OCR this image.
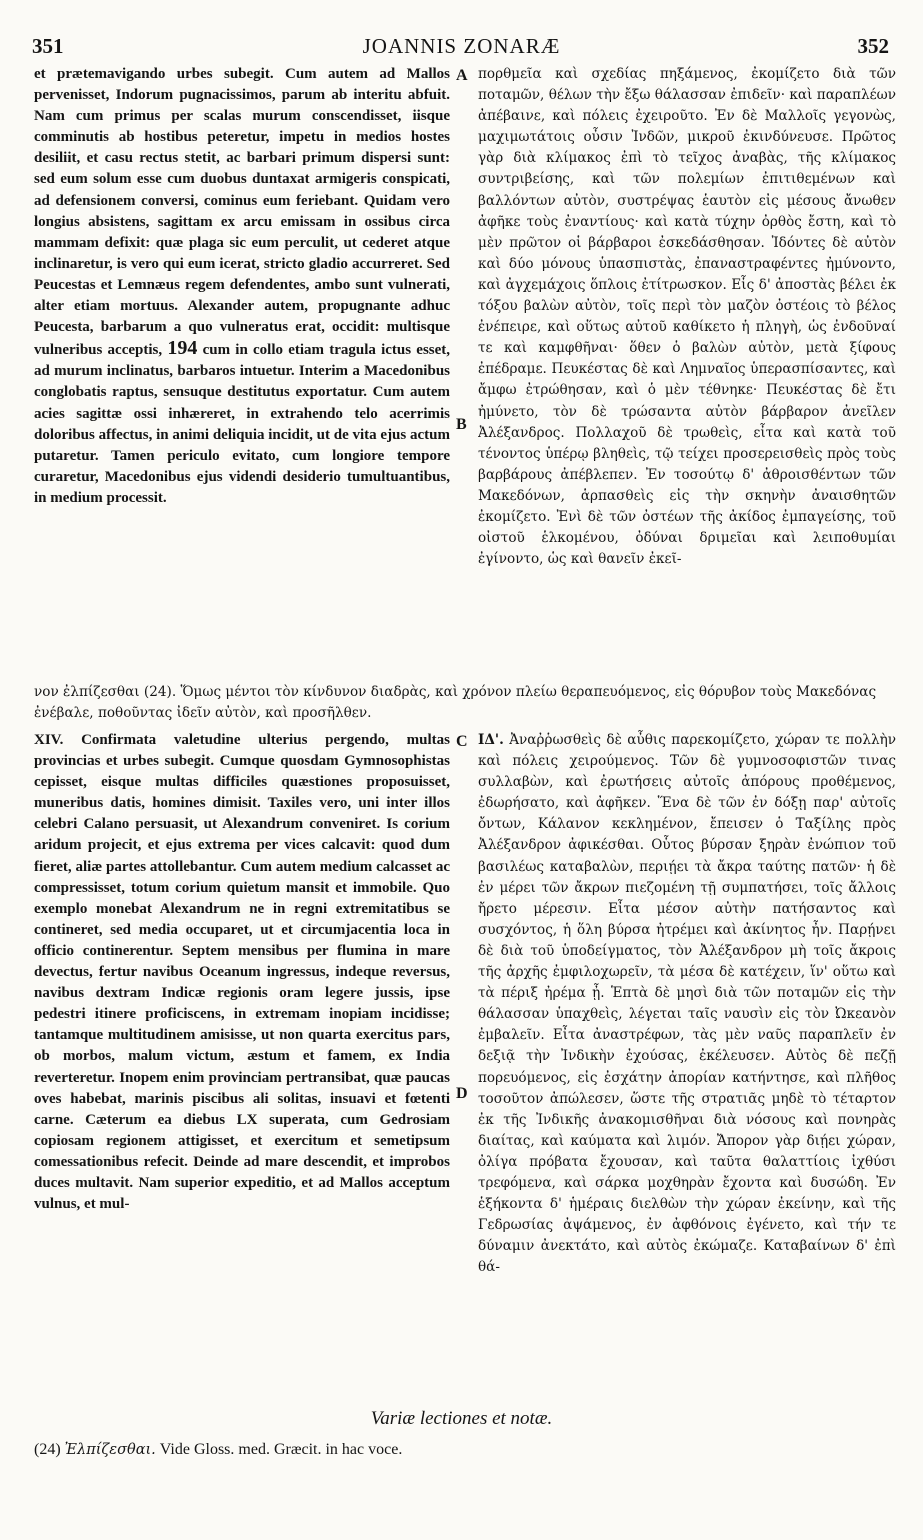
351	JOANNIS ZONARÆ	352

et prætemavigando urbes subegit. Cum autem ad Mallos pervenisset, Indorum pugnacissimos, parum ab interitu abfuit. Nam cum primus per scalas murum conscendisset, iisque comminutis ab hostibus peteretur, impetu in medios hostes desiliit, et casu rectus stetit, ac barbari primum dispersi sunt: sed eum solum esse cum duobus duntaxat armigeris conspicati, ad defensionem conversi, cominus eum feriebant. Quidam vero longius absistens, sagittam ex arcu emissam in ossibus circa mammam defixit: quæ plaga sic eum perculit, ut cederet atque inclinaretur, is vero qui eum icerat, stricto gladio accurreret. Sed Peucestas et Lemnæus regem defendentes, ambo sunt vulnerati, alter etiam mortuus. Alexander autem, propugnante adhuc Peucesta, barbarum a quo vulneratus erat, occidit: multisque vulneribus acceptis, 194 cum in collo etiam tragula ictus esset, ad murum inclinatus, barbaros intuetur. Interim a Macedonibus conglobatis raptus, sensuque destitutus exportatur. Cum autem acies sagittæ ossi inhæreret, in extrahendo telo acerrimis doloribus affectus, in animi deliquia incidit, ut de vita ejus actum putaretur. Tamen periculo evitato, cum longiore tempore curaretur, Macedonibus ejus videndi desiderio tumultuantibus, in medium processit.

πορθμεῖα καὶ σχεδίας πηξάμενος, ἐκομίζετο διὰ τῶν ποταμῶν, θέλων τὴν ἔξω θάλασσαν ἐπιδεῖν· καὶ παραπλέων ἀπέβαινε, καὶ πόλεις ἐχειροῦτο. Ἐν δὲ Μαλλοῖς γεγονὼς, μαχιμωτάτοις οὖσιν Ἰνδῶν, μικροῦ ἐκινδύνευσε. Πρῶτος γὰρ διὰ κλίμακος ἐπὶ τὸ τεῖχος ἀναβὰς, τῆς κλίμακος συντριβείσης, καὶ τῶν πολεμίων ἐπιτιθεμένων καὶ βαλλόντων αὐτὸν, συστρέψας ἑαυτὸν εἰς μέσους ἄνωθεν ἀφῆκε τοὺς ἐναντίους· καὶ κατὰ τύχην ὀρθὸς ἔστη, καὶ τὸ μὲν πρῶτον οἱ βάρβαροι ἐσκεδάσθησαν. Ἰδόντες δὲ αὐτὸν καὶ δύο μόνους ὑπασπιστὰς, ἐπαναστραφέντες ἠμύνοντο, καὶ ἀγχεμάχοις ὅπλοις ἐτίτρωσκον. Εἷς δ' ἀποστὰς βέλει ἐκ τόξου βαλὼν αὐτὸν, τοῖς περὶ τὸν μαζὸν ὀστέοις τὸ βέλος ἐνέπειρε, καὶ οὕτως αὐτοῦ καθίκετο ἡ πληγὴ, ὡς ἐνδοῦναί τε καὶ καμφθῆναι· ὅθεν ὁ βαλὼν αὐτὸν, μετὰ ξίφους ἐπέδραμε. Πευκέστας δὲ καὶ Λημναῖος ὑπερασπίσαντες, καὶ ἄμφω ἐτρώθησαν, καὶ ὁ μὲν τέθνηκε· Πευκέστας δὲ ἔτι ἠμύνετο, τὸν δὲ τρώσαντα αὐτὸν βάρβαρον ἀνεῖλεν Ἀλέξανδρος. Πολλαχοῦ δὲ τρωθεὶς, εἶτα καὶ κατὰ τοῦ τένοντος ὑπέρῳ βληθεὶς, τῷ τείχει προσερεισθεὶς πρὸς τοὺς βαρβάρους ἀπέβλεπεν. Ἐν τοσούτῳ δ' ἀθροισθέντων τῶν Μακεδόνων, ἁρπασθεὶς εἰς τὴν σκηνὴν ἀναισθητῶν ἐκομίζετο. Ἐνὶ δὲ τῶν ὀστέων τῆς ἀκίδος ἐμπαγείσης, τοῦ οἰστοῦ ἑλκομένου, ὀδύναι δριμεῖαι καὶ λειποθυμίαι ἐγίνοντο, ὡς καὶ θανεῖν ἐκεῖ-

A
B

νον ἐλπίζεσθαι (24). Ὅμως μέντοι τὸν κίνδυνον διαδρὰς, καὶ χρόνον πλείω θεραπευόμενος, εἰς θόρυβον τοὺς Μακεδόνας ἐνέβαλε, ποθοῦντας ἰδεῖν αὐτὸν, καὶ προσῆλθεν.

XIV. Confirmata valetudine ulterius pergendo, multas provincias et urbes subegit. Cumque quosdam Gymnosophistas cepisset, eisque multas difficiles quæstiones proposuisset, muneribus datis, homines dimisit. Taxiles vero, uni inter illos celebri Calano persuasit, ut Alexandrum conveniret. Is corium aridum projecit, et ejus extrema per vices calcavit: quod dum fieret, aliæ partes attollebantur. Cum autem medium calcasset ac compressisset, totum corium quietum mansit et immobile. Quo exemplo monebat Alexandrum ne in regni extremitatibus se contineret, sed media occuparet, ut et circumjacentia loca in officio continerentur. Septem mensibus per flumina in mare devectus, fertur navibus Oceanum ingressus, indeque reversus, navibus dextram Indicæ regionis oram legere jussis, ipse pedestri itinere proficiscens, in extremam inopiam incidisse; tantamque multitudinem amisisse, ut non quarta exercitus pars, ob morbos, malum victum, æstum et famem, ex India reverteretur. Inopem enim provinciam pertransibat, quæ paucas oves habebat, marinis piscibus ali solitas, insuavi et fœtenti carne. Cæterum ea diebus LX superata, cum Gedrosiam copiosam regionem attigisset, et exercitum et semetipsum comessationibus refecit. Deinde ad mare descendit, et improbos duces multavit. Nam superior expeditio, et ad Mallos acceptum vulnus, et mul-

ΙΔ'. Ἀναῤῥωσθεὶς δὲ αὖθις παρεκομίζετο, χώραν τε πολλὴν καὶ πόλεις χειρούμενος. Τῶν δὲ γυμνοσοφιστῶν τινας συλλαβὼν, καὶ ἐρωτήσεις αὐτοῖς ἀπόρους προθέμενος, ἐδωρήσατο, καὶ ἀφῆκεν. Ἕνα δὲ τῶν ἐν δόξῃ παρ' αὐτοῖς ὄντων, Κάλανον κεκλημένον, ἔπεισεν ὁ Ταξίλης πρὸς Ἀλέξανδρον ἀφικέσθαι. Οὗτος βύρσαν ξηρὰν ἐνώπιον τοῦ βασιλέως καταβαλὼν, περιῄει τὰ ἄκρα ταύτης πατῶν· ἡ δὲ ἐν μέρει τῶν ἄκρων πιεζομένη τῇ συμπατήσει, τοῖς ἄλλοις ἤρετο μέρεσιν. Εἶτα μέσον αὐτὴν πατήσαντος καὶ συσχόντος, ἡ ὅλη βύρσα ἠτρέμει καὶ ἀκίνητος ἦν. Παρῄνει δὲ διὰ τοῦ ὑποδείγματος, τὸν Ἀλέξανδρον μὴ τοῖς ἄκροις τῆς ἀρχῆς ἐμφιλοχωρεῖν, τὰ μέσα δὲ κατέχειν, ἵν' οὕτω καὶ τὰ πέριξ ἠρέμα ᾖ. Ἑπτὰ δὲ μησὶ διὰ τῶν ποταμῶν εἰς τὴν θάλασσαν ὑπαχθεὶς, λέγεται ταῖς ναυσὶν εἰς τὸν Ὠκεανὸν ἐμβαλεῖν. Εἶτα ἀναστρέφων, τὰς μὲν ναῦς παραπλεῖν ἐν δεξιᾷ τὴν Ἰνδικὴν ἐχούσας, ἐκέλευσεν. Αὐτὸς δὲ πεζῇ πορευόμενος, εἰς ἐσχάτην ἀπορίαν κατήντησε, καὶ πλῆθος τοσοῦτον ἀπώλεσεν, ὥστε τῆς στρατιᾶς μηδὲ τὸ τέταρτον ἐκ τῆς Ἰνδικῆς ἀνακομισθῆναι διὰ νόσους καὶ πονηρὰς διαίτας, καὶ καύματα καὶ λιμόν. Ἄπορον γὰρ διῄει χώραν, ὀλίγα πρόβατα ἔχουσαν, καὶ ταῦτα θαλαττίοις ἰχθύσι τρεφόμενα, καὶ σάρκα μοχθηρὰν ἔχοντα καὶ δυσώδη. Ἐν ἑξήκοντα δ' ἡμέραις διελθὼν τὴν χώραν ἐκείνην, καὶ τῆς Γεδρωσίας ἀψάμενος, ἐν ἀφθόνοις ἐγένετο, καὶ τήν τε δύναμιν ἀνεκτάτο, καὶ αὐτὸς ἐκώμαζε. Καταβαίνων δ' ἐπὶ θά-

C
D
Variæ lectiones et notæ.
(24) Ἐλπίζεσθαι. Vide Gloss. med. Græcit. in hac voce.
